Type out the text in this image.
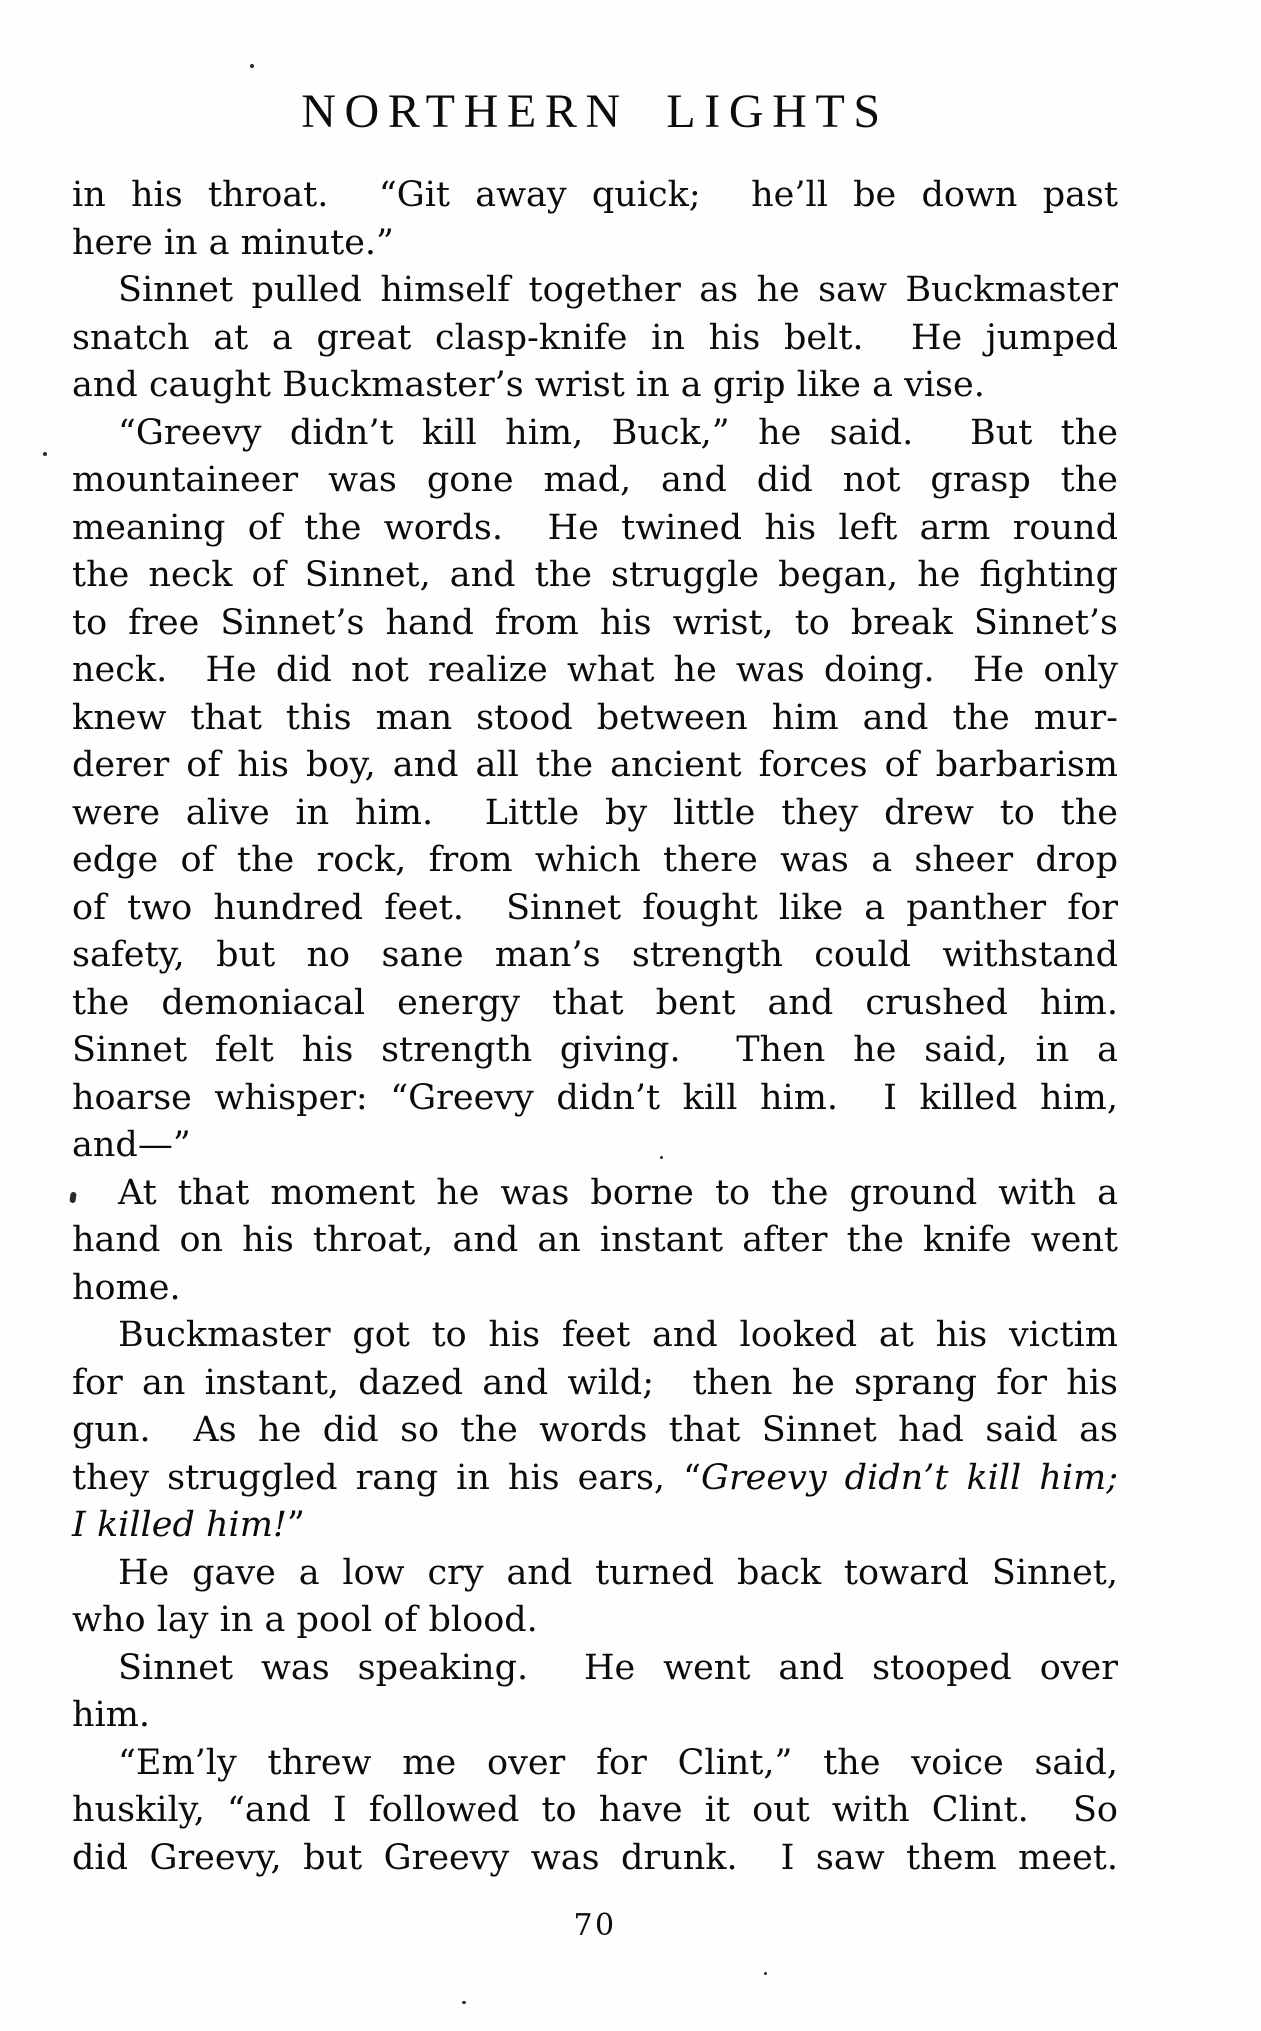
NORTHERN LIGHTS
in his throat.  “Git away quick;  he’ll be down past
here in a minute.”
Sinnet pulled himself together as he saw Buckmaster
snatch at a great clasp-knife in his belt.  He jumped
and caught Buckmaster’s wrist in a grip like a vise.
“Greevy didn’t kill him, Buck,” he said.  But the
mountaineer was gone mad, and did not grasp the
meaning of the words.  He twined his left arm round
the neck of Sinnet, and the struggle began, he fighting
to free Sinnet’s hand from his wrist, to break Sinnet’s
neck.  He did not realize what he was doing.  He only
knew that this man stood between him and the mur-
derer of his boy, and all the ancient forces of barbarism
were alive in him.  Little by little they drew to the
edge of the rock, from which there was a sheer drop
of two hundred feet.  Sinnet fought like a panther for
safety, but no sane man’s strength could withstand
the demoniacal energy that bent and crushed him.
Sinnet felt his strength giving.  Then he said, in a
hoarse whisper: “Greevy didn’t kill him.  I killed him,
and—”
At that moment he was borne to the ground with a
hand on his throat, and an instant after the knife went
home.
Buckmaster got to his feet and looked at his victim
for an instant, dazed and wild;  then he sprang for his
gun.  As he did so the words that Sinnet had said as
they struggled rang in his ears, “Greevy didn’t kill him;
I killed him!”
He gave a low cry and turned back toward Sinnet,
who lay in a pool of blood.
Sinnet was speaking.  He went and stooped over
him.
“Em’ly threw me over for Clint,” the voice said,
huskily, “and I followed to have it out with Clint.  So
did Greevy, but Greevy was drunk.  I saw them meet.
70
